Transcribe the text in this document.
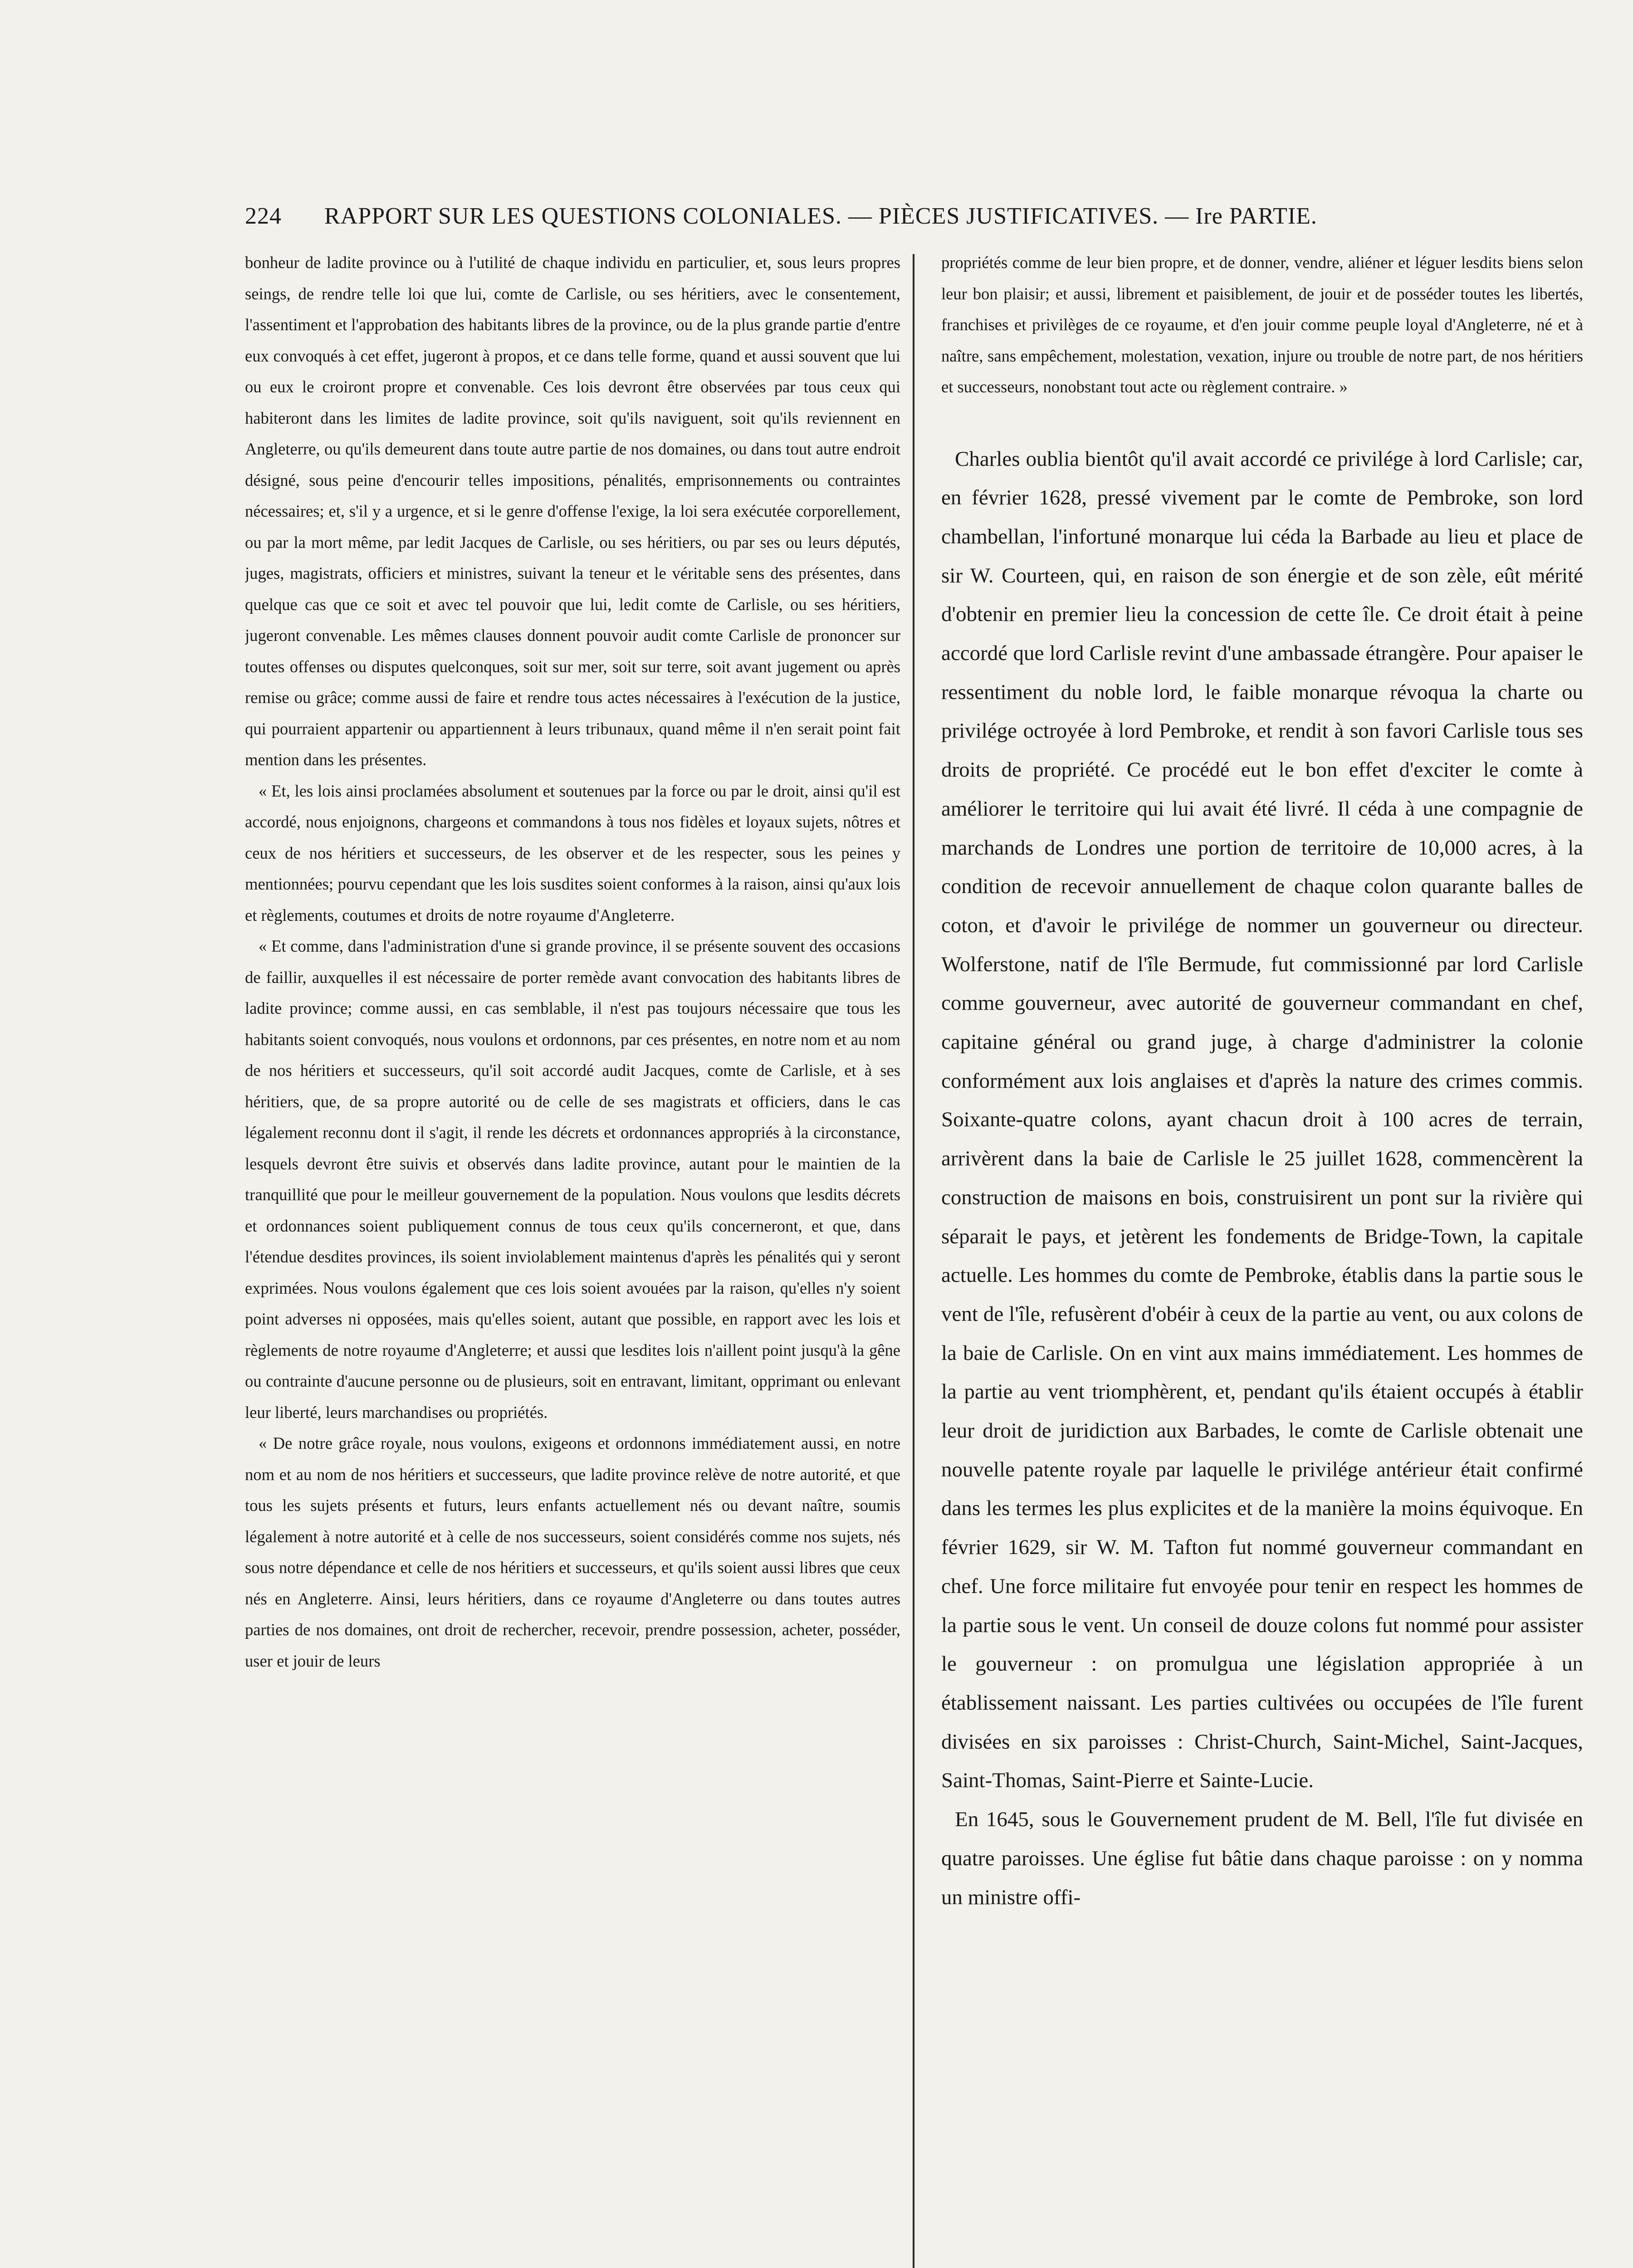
224 RAPPORT SUR LES QUESTIONS COLONIALES. — PIÈCES JUSTIFICATIVES. — Ire PARTIE.

bonheur de ladite province ou à l'utilité de chaque individu en particulier, et, sous leurs propres seings, de rendre telle loi que lui, comte de Carlisle, ou ses héritiers, avec le consentement, l'assentiment et l'approbation des habitants libres de la province, ou de la plus grande partie d'entre eux convoqués à cet effet, jugeront à propos, et ce dans telle forme, quand et aussi souvent que lui ou eux le croiront propre et convenable. Ces lois devront être observées par tous ceux qui habiteront dans les limites de ladite province, soit qu'ils naviguent, soit qu'ils reviennent en Angleterre, ou qu'ils demeurent dans toute autre partie de nos domaines, ou dans tout autre endroit désigné, sous peine d'encourir telles impositions, pénalités, emprisonnements ou contraintes nécessaires; et, s'il y a urgence, et si le genre d'offense l'exige, la loi sera exécutée corporellement, ou par la mort même, par ledit Jacques de Carlisle, ou ses héritiers, ou par ses ou leurs députés, juges, magistrats, officiers et ministres, suivant la teneur et le véritable sens des présentes, dans quelque cas que ce soit et avec tel pouvoir que lui, ledit comte de Carlisle, ou ses héritiers, jugeront convenable. Les mêmes clauses donnent pouvoir audit comte Carlisle de prononcer sur toutes offenses ou disputes quelconques, soit sur mer, soit sur terre, soit avant jugement ou après remise ou grâce; comme aussi de faire et rendre tous actes nécessaires à l'exécution de la justice, qui pourraient appartenir ou appartiennent à leurs tribunaux, quand même il n'en serait point fait mention dans les présentes.

« Et, les lois ainsi proclamées absolument et soutenues par la force ou par le droit, ainsi qu'il est accordé, nous enjoignons, chargeons et commandons à tous nos fidèles et loyaux sujets, nôtres et ceux de nos héritiers et successeurs, de les observer et de les respecter, sous les peines y mentionnées; pourvu cependant que les lois susdites soient conformes à la raison, ainsi qu'aux lois et règlements, coutumes et droits de notre royaume d'Angleterre.

« Et comme, dans l'administration d'une si grande province, il se présente souvent des occasions de faillir, auxquelles il est nécessaire de porter remède avant convocation des habitants libres de ladite province; comme aussi, en cas semblable, il n'est pas toujours nécessaire que tous les habitants soient convoqués, nous voulons et ordonnons, par ces présentes, en notre nom et au nom de nos héritiers et successeurs, qu'il soit accordé audit Jacques, comte de Carlisle, et à ses héritiers, que, de sa propre autorité ou de celle de ses magistrats et officiers, dans le cas légalement reconnu dont il s'agit, il rende les décrets et ordonnances appropriés à la circonstance, lesquels devront être suivis et observés dans ladite province, autant pour le maintien de la tranquillité que pour le meilleur gouvernement de la population. Nous voulons que lesdits décrets et ordonnances soient publiquement connus de tous ceux qu'ils concerneront, et que, dans l'étendue desdites provinces, ils soient inviolablement maintenus d'après les pénalités qui y seront exprimées. Nous voulons également que ces lois soient avouées par la raison, qu'elles n'y soient point adverses ni opposées, mais qu'elles soient, autant que possible, en rapport avec les lois et règlements de notre royaume d'Angleterre; et aussi que lesdites lois n'aillent point jusqu'à la gêne ou contrainte d'aucune personne ou de plusieurs, soit en entravant, limitant, opprimant ou enlevant leur liberté, leurs marchandises ou propriétés.

« De notre grâce royale, nous voulons, exigeons et ordonnons immédiatement aussi, en notre nom et au nom de nos héritiers et successeurs, que ladite province relève de notre autorité, et que tous les sujets présents et futurs, leurs enfants actuellement nés ou devant naître, soumis légalement à notre autorité et à celle de nos successeurs, soient considérés comme nos sujets, nés sous notre dépendance et celle de nos héritiers et successeurs, et qu'ils soient aussi libres que ceux nés en Angleterre. Ainsi, leurs héritiers, dans ce royaume d'Angleterre ou dans toutes autres parties de nos domaines, ont droit de rechercher, recevoir, prendre possession, acheter, posséder, user et jouir de leurs

propriétés comme de leur bien propre, et de donner, vendre, aliéner et léguer lesdits biens selon leur bon plaisir; et aussi, librement et paisiblement, de jouir et de posséder toutes les libertés, franchises et privilèges de ce royaume, et d'en jouir comme peuple loyal d'Angleterre, né et à naître, sans empêchement, molestation, vexation, injure ou trouble de notre part, de nos héritiers et successeurs, nonobstant tout acte ou règlement contraire. »

Charles oublia bientôt qu'il avait accordé ce privilége à lord Carlisle; car, en février 1628, pressé vivement par le comte de Pembroke, son lord chambellan, l'infortuné monarque lui céda la Barbade au lieu et place de sir W. Courteen, qui, en raison de son énergie et de son zèle, eût mérité d'obtenir en premier lieu la concession de cette île. Ce droit était à peine accordé que lord Carlisle revint d'une ambassade étrangère. Pour apaiser le ressentiment du noble lord, le faible monarque révoqua la charte ou privilége octroyée à lord Pembroke, et rendit à son favori Carlisle tous ses droits de propriété. Ce procédé eut le bon effet d'exciter le comte à améliorer le territoire qui lui avait été livré. Il céda à une compagnie de marchands de Londres une portion de territoire de 10,000 acres, à la condition de recevoir annuellement de chaque colon quarante balles de coton, et d'avoir le privilége de nommer un gouverneur ou directeur. Wolferstone, natif de l'île Bermude, fut commissionné par lord Carlisle comme gouverneur, avec autorité de gouverneur commandant en chef, capitaine général ou grand juge, à charge d'administrer la colonie conformément aux lois anglaises et d'après la nature des crimes commis. Soixante-quatre colons, ayant chacun droit à 100 acres de terrain, arrivèrent dans la baie de Carlisle le 25 juillet 1628, commencèrent la construction de maisons en bois, construisirent un pont sur la rivière qui séparait le pays, et jetèrent les fondements de Bridge-Town, la capitale actuelle. Les hommes du comte de Pembroke, établis dans la partie sous le vent de l'île, refusèrent d'obéir à ceux de la partie au vent, ou aux colons de la baie de Carlisle. On en vint aux mains immédiatement. Les hommes de la partie au vent triomphèrent, et, pendant qu'ils étaient occupés à établir leur droit de juridiction aux Barbades, le comte de Carlisle obtenait une nouvelle patente royale par laquelle le privilége antérieur était confirmé dans les termes les plus explicites et de la manière la moins équivoque. En février 1629, sir W. M. Tafton fut nommé gouverneur commandant en chef. Une force militaire fut envoyée pour tenir en respect les hommes de la partie sous le vent. Un conseil de douze colons fut nommé pour assister le gouverneur : on promulgua une législation appropriée à un établissement naissant. Les parties cultivées ou occupées de l'île furent divisées en six paroisses : Christ-Church, Saint-Michel, Saint-Jacques, Saint-Thomas, Saint-Pierre et Sainte-Lucie.

En 1645, sous le Gouvernement prudent de M. Bell, l'île fut divisée en quatre paroisses. Une église fut bâtie dans chaque paroisse : on y nomma un ministre offi-
